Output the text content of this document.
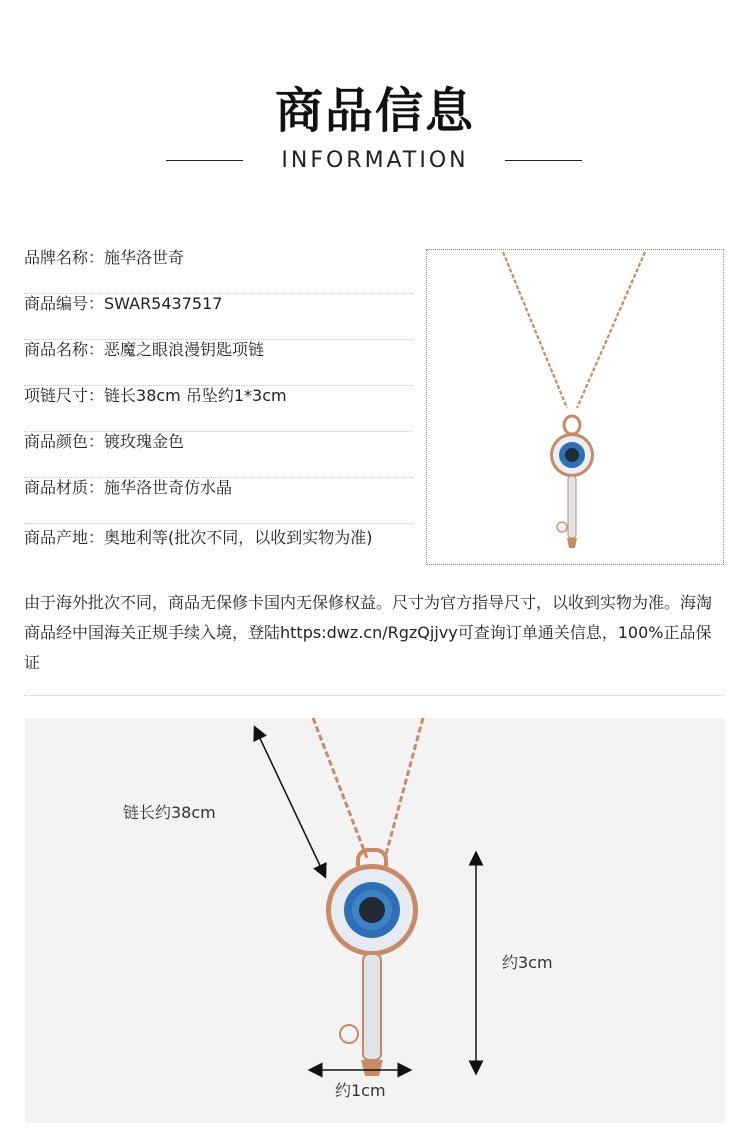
商品信息
INFORMATION
品牌名称：施华洛世奇
商品编号：SWAR5437517
商品名称：恶魔之眼浪漫钥匙项链
项链尺寸：链长38cm 吊坠约1*3cm
商品颜色：镀玫瑰金色
商品材质：施华洛世奇仿水晶
商品产地：奥地利等(批次不同，以收到实物为准)
由于海外批次不同，商品无保修卡国内无保修权益。尺寸为官方指导尺寸，以收到实物为准。海淘商品经中国海关正规手续入境，登陆https:dwz.cn/RgzQjjvy可查询订单通关信息，100%正品保证
链长约38cm
约3cm
约1cm
